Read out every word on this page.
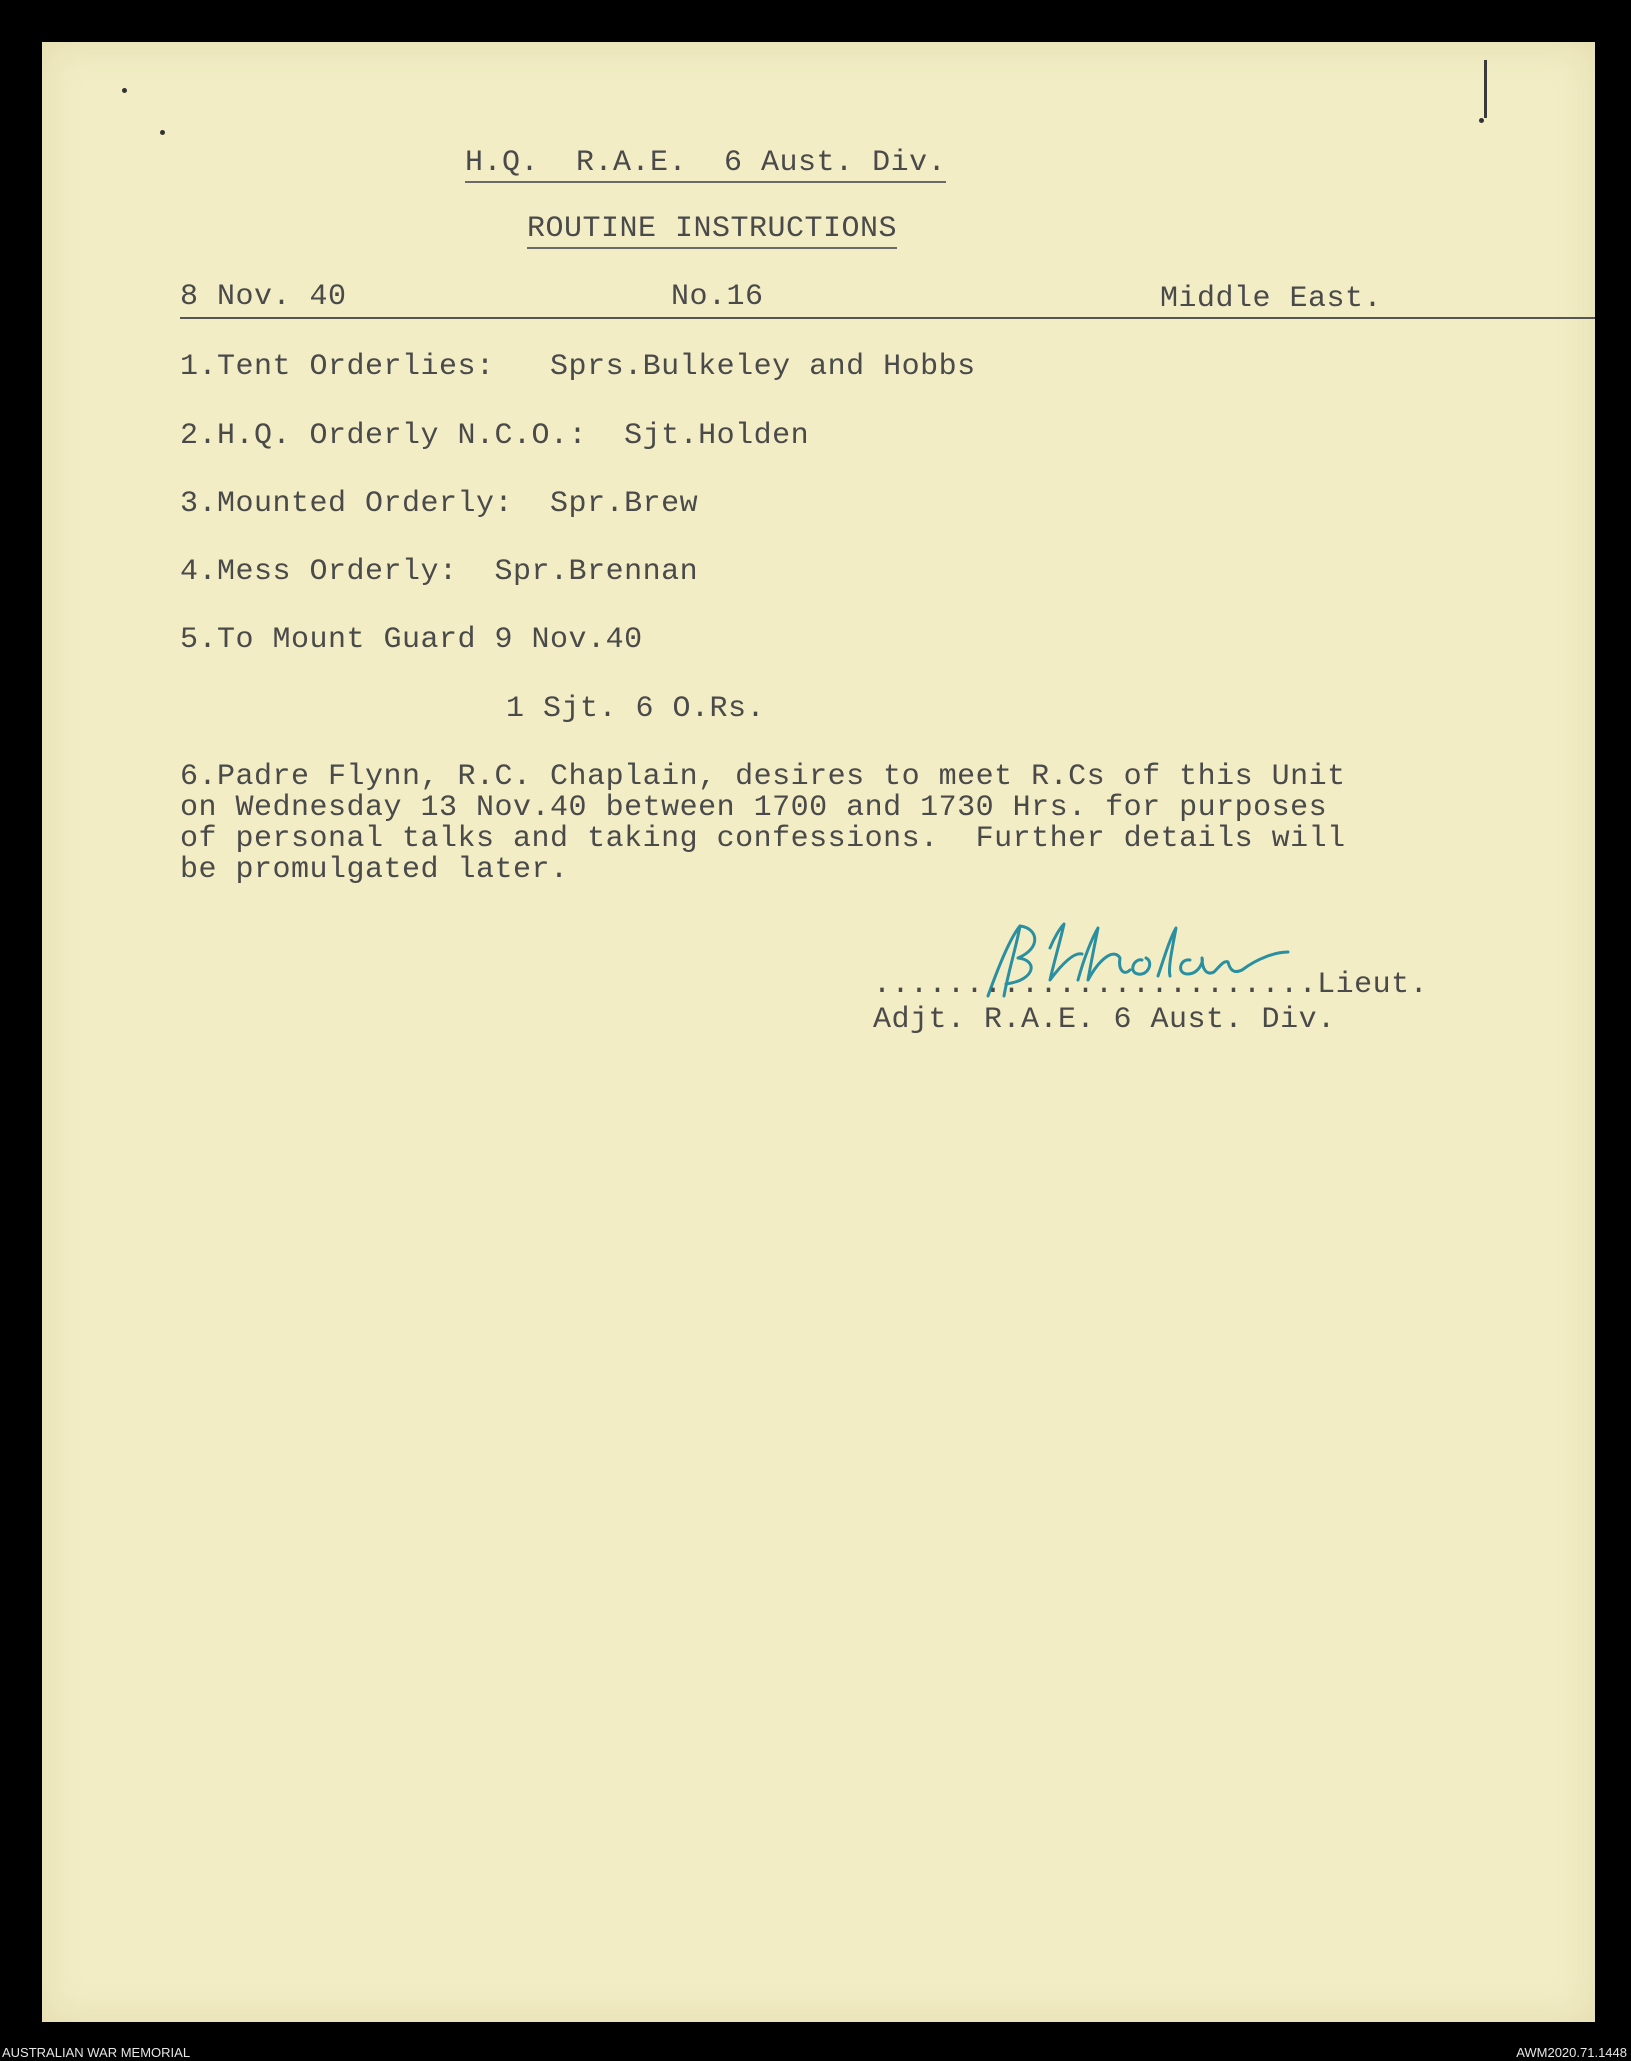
H.Q.  R.A.E.  6 Aust. Div.
ROUTINE INSTRUCTIONS
8 Nov. 40	No.16	Middle East.
1.Tent Orderlies:   Sprs.Bulkeley and Hobbs
2.H.Q. Orderly N.C.O.:  Sjt.Holden
3.Mounted Orderly:  Spr.Brew
4.Mess Orderly:  Spr.Brennan
5.To Mount Guard 9 Nov.40
1 Sjt. 6 O.Rs.
6.Padre Flynn, R.C. Chaplain, desires to meet R.Cs of this Unit
on Wednesday 13 Nov.40 between 1700 and 1730 Hrs. for purposes
of personal talks and taking confessions.  Further details will
be promulgated later.
........................Lieut.
Adjt. R.A.E. 6 Aust. Div.
AUSTRALIAN WAR MEMORIAL	AWM2020.71.1448
